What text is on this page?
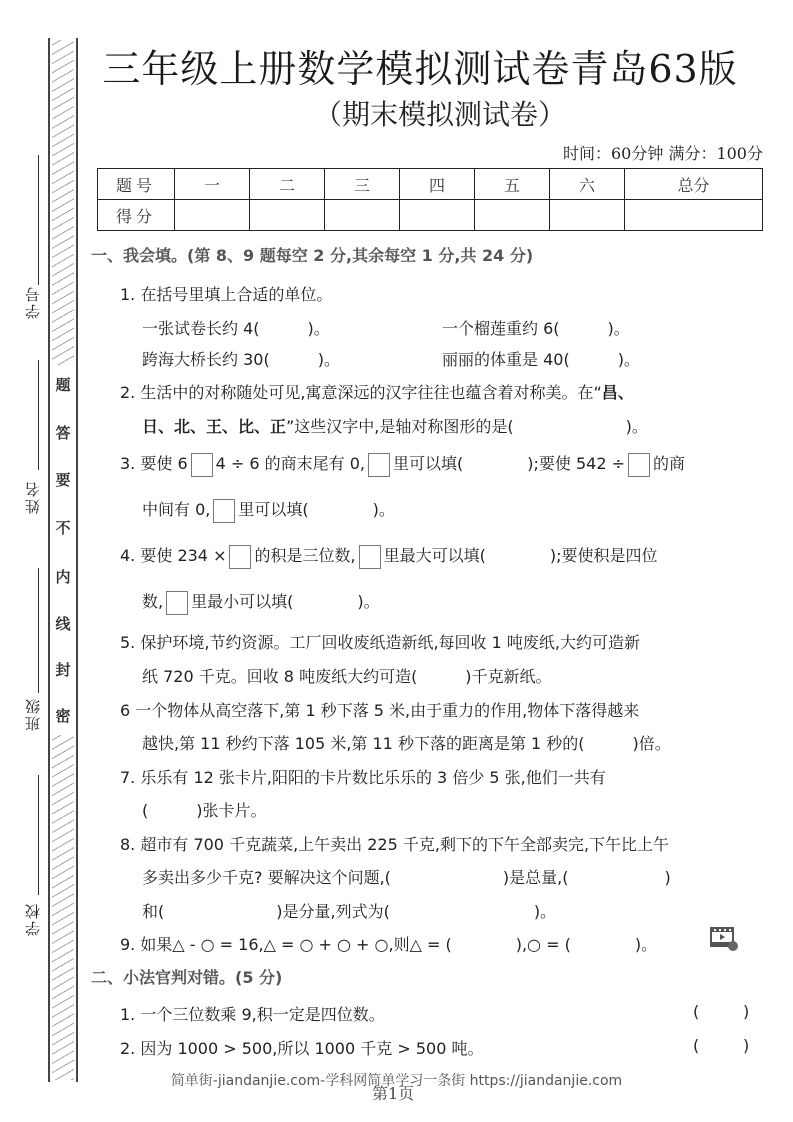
题
答
要
不
内
线
封
密
学号
姓名
班级
学校
三年级上册数学模拟测试卷青岛63版
（期末模拟测试卷）
时间：60分钟 满分：100分
题号	一	二	三	四	五	六	总分
得分							
一、我会填。(第 8、9 题每空 2 分,其余每空 1 分,共 24 分)
1. 在括号里填上合适的单位。
一张试卷长约 4(　　　)。	一个榴莲重约 6(　　　)。
跨海大桥长约 30(　　　)。	丽丽的体重是 40(　　　)。
2. 生活中的对称随处可见,寓意深远的汉字往往也蕴含着对称美。在“昌、
日、北、王、比、正”这些汉字中,是轴对称图形的是(　　　　　　　)。
3. 要使 6 4 ÷ 6 的商末尾有 0, 里可以填(　　　　);要使 542 ÷ 的商
中间有 0, 里可以填(　　　　)。
4. 要使 234 × 的积是三位数, 里最大可以填(　　　　);要使积是四位
数, 里最小可以填(　　　　)。
5. 保护环境,节约资源。工厂回收废纸造新纸,每回收 1 吨废纸,大约可造新
纸 720 千克。回收 8 吨废纸大约可造(　　　)千克新纸。
6 一个物体从高空落下,第 1 秒下落 5 米,由于重力的作用,物体下落得越来
越快,第 11 秒约下落 105 米,第 11 秒下落的距离是第 1 秒的(　　　)倍。
7. 乐乐有 12 张卡片,阳阳的卡片数比乐乐的 3 倍少 5 张,他们一共有
(　　　)张卡片。
8. 超市有 700 千克蔬菜,上午卖出 225 千克,剩下的下午全部卖完,下午比上午
多卖出多少千克? 要解决这个问题,(　　　　　　　)是总量,(　　　　　　)
和(　　　　　　　)是分量,列式为(　　　　　　　　　)。
9. 如果△ - ○ = 16,△ = ○ + ○ + ○,则△ = (　　　　),○ = (　　　　)。
二、小法官判对错。(5 分)
1. 一个三位数乘 9,积一定是四位数。	(	)
2. 因为 1000 > 500,所以 1000 千克 > 500 吨。	(	)
第1页
简单街-jiandanjie.com-学科网简单学习一条街 https://jiandanjie.com
